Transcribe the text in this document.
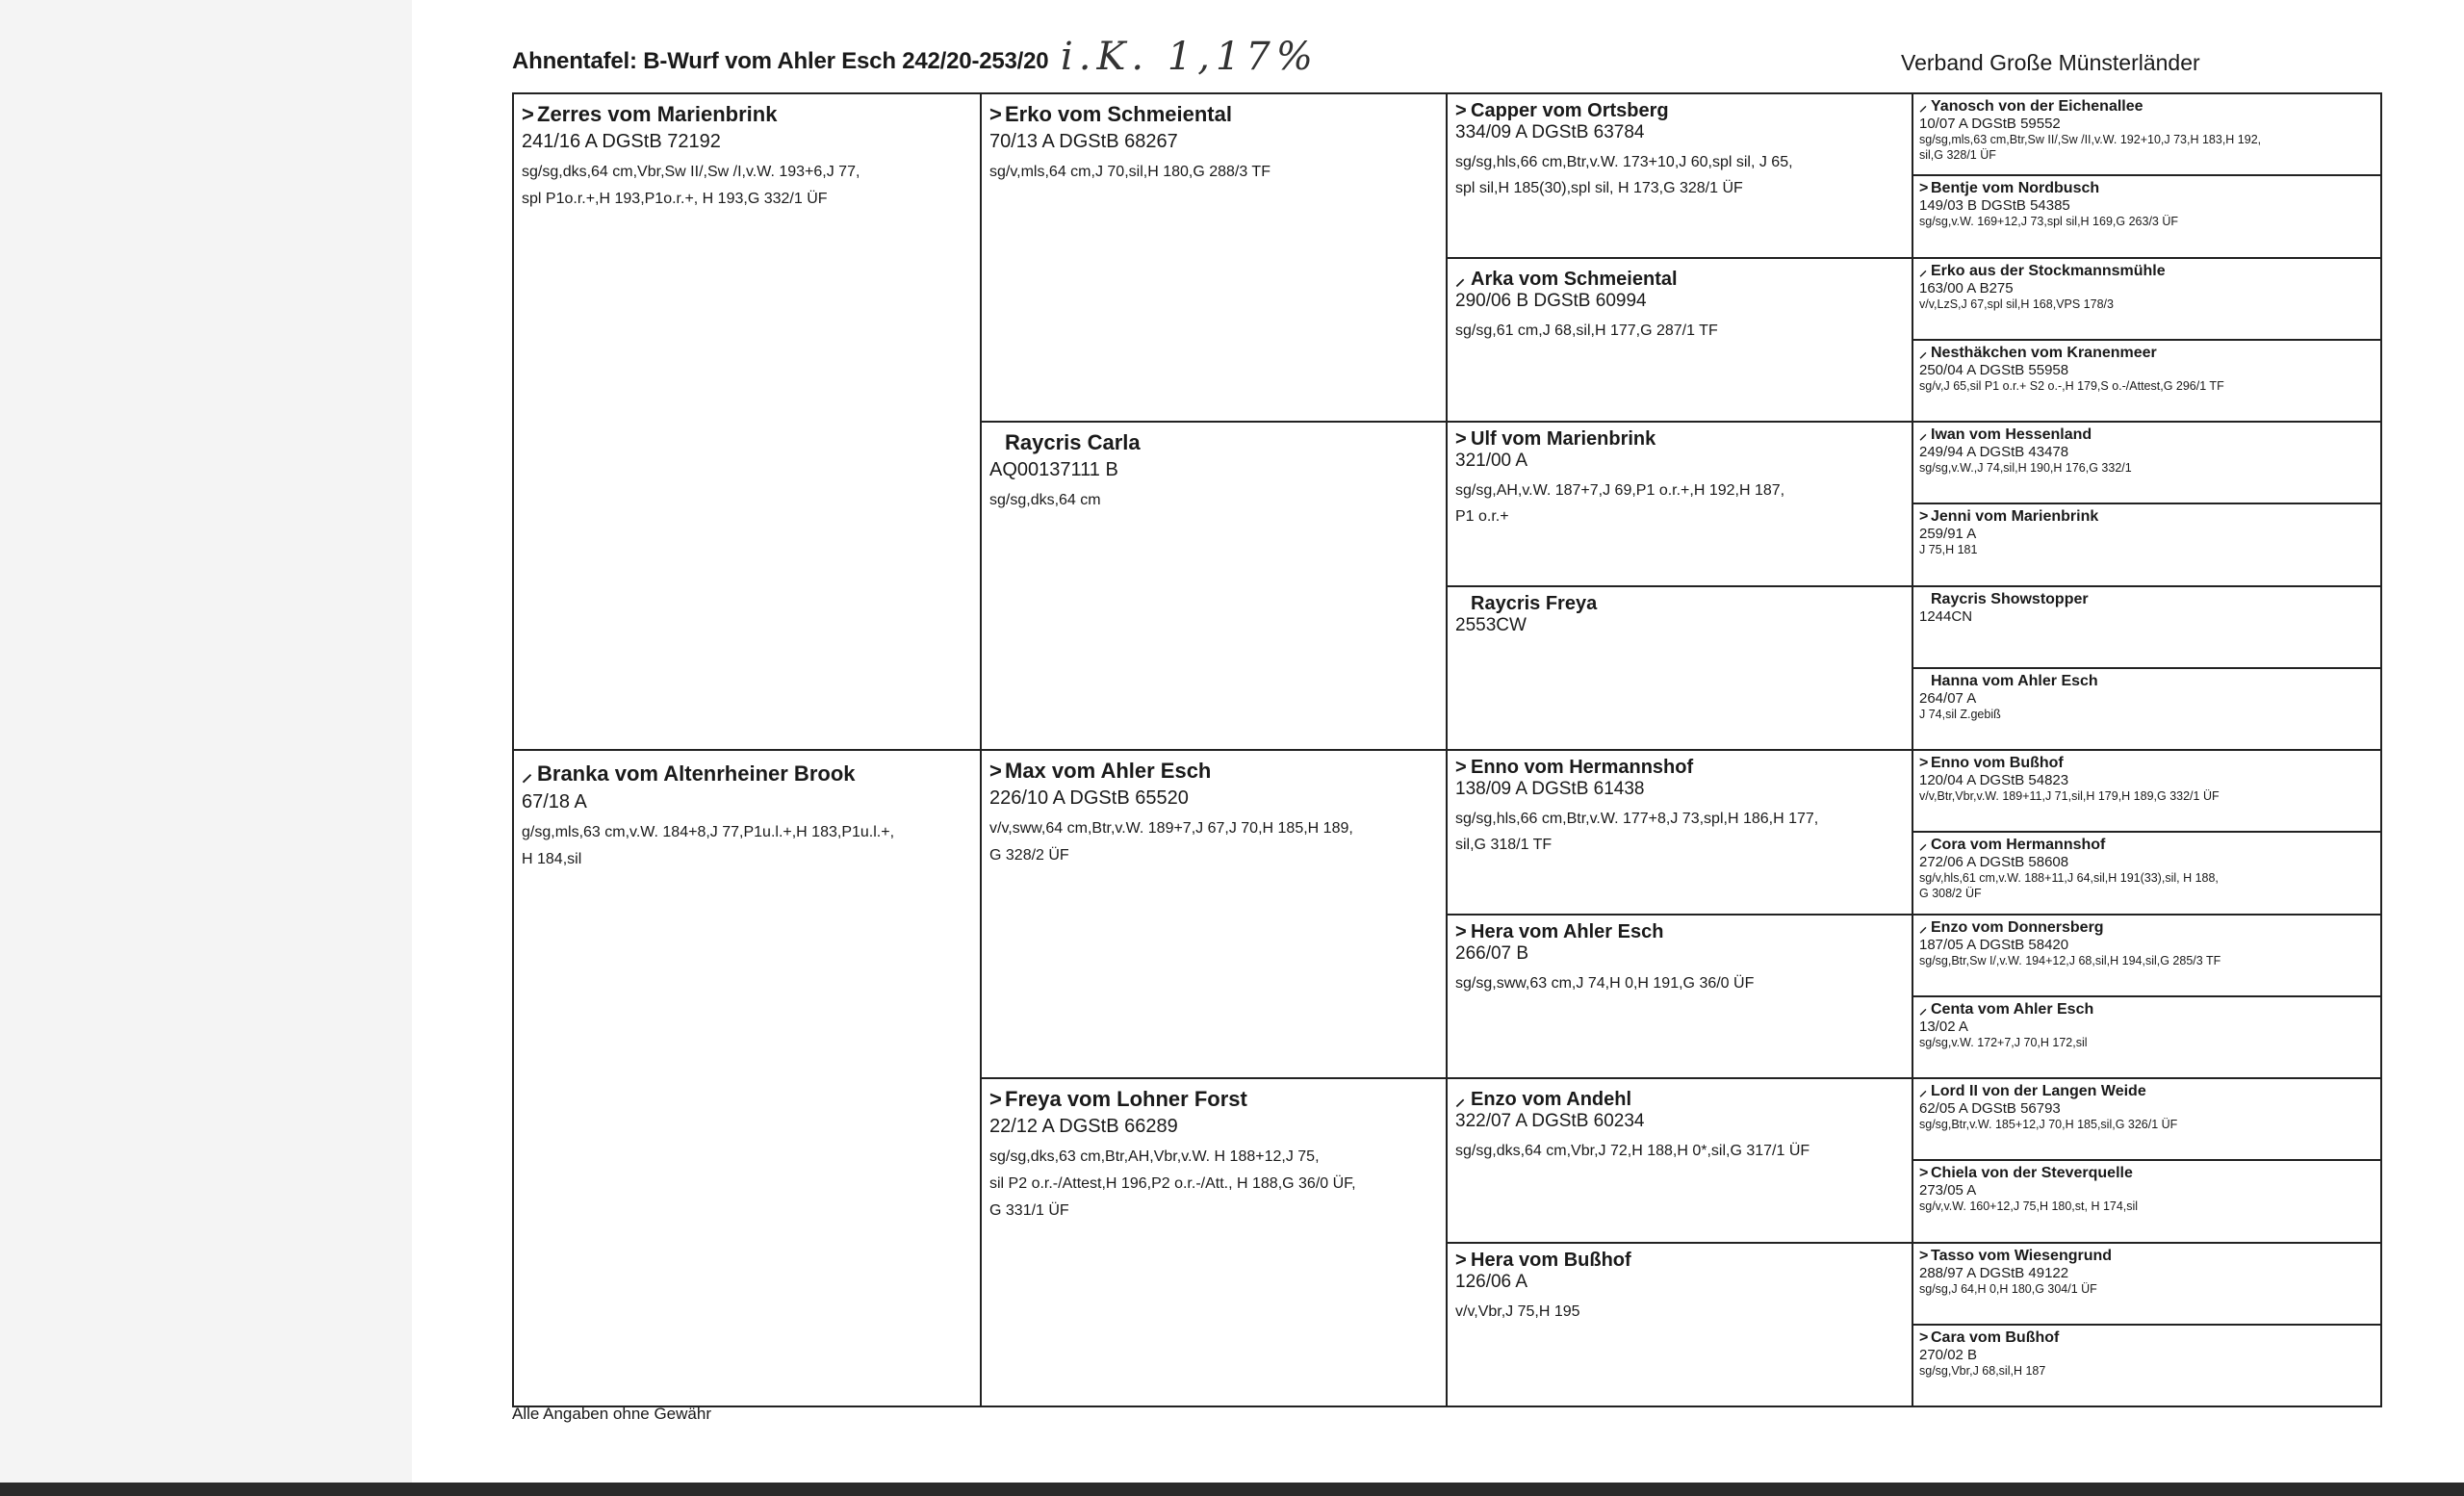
Ahnentafel: B-Wurf vom Ahler Esch 242/20-253/20 i.K. 1,17%	Verband Große Münsterländer
> Zerres vom Marienbrink
241/16 A DGStB 72192
sg/sg,dks,64 cm,Vbr,Sw II/,Sw /I,v.W. 193+6,J 77,
spl P1o.r.+,H 193,P1o.r.+, H 193,G 332/1 ÜF
⸝ Branka vom Altenrheiner Brook
67/18 A
g/sg,mls,63 cm,v.W. 184+8,J 77,P1u.l.+,H 183,P1u.l.+,
H 184,sil
> Erko vom Schmeiental
70/13 A DGStB 68267
sg/v,mls,64 cm,J 70,sil,H 180,G 288/3 TF
Raycris Carla
AQ00137111 B
sg/sg,dks,64 cm
> Max vom Ahler Esch
226/10 A DGStB 65520
v/v,sww,64 cm,Btr,v.W. 189+7,J 67,J 70,H 185,H 189,
G 328/2 ÜF
> Freya vom Lohner Forst
22/12 A DGStB 66289
sg/sg,dks,63 cm,Btr,AH,Vbr,v.W. H 188+12,J 75,
sil P2 o.r.-/Attest,H 196,P2 o.r.-/Att., H 188,G 36/0 ÜF,
G 331/1 ÜF
> Capper vom Ortsberg
334/09 A DGStB 63784
sg/sg,hls,66 cm,Btr,v.W. 173+10,J 60,spl sil, J 65,
spl sil,H 185(30),spl sil, H 173,G 328/1 ÜF
⸝ Arka vom Schmeiental
290/06 B DGStB 60994
sg/sg,61 cm,J 68,sil,H 177,G 287/1 TF
> Ulf vom Marienbrink
321/00 A
sg/sg,AH,v.W. 187+7,J 69,P1 o.r.+,H 192,H 187,
P1 o.r.+
Raycris Freya
2553CW
> Enno vom Hermannshof
138/09 A DGStB 61438
sg/sg,hls,66 cm,Btr,v.W. 177+8,J 73,spl,H 186,H 177,
sil,G 318/1 TF
> Hera vom Ahler Esch
266/07 B
sg/sg,sww,63 cm,J 74,H 0,H 191,G 36/0 ÜF
⸝ Enzo vom Andehl
322/07 A DGStB 60234
sg/sg,dks,64 cm,Vbr,J 72,H 188,H 0*,sil,G 317/1 ÜF
> Hera vom Bußhof
126/06 A
v/v,Vbr,J 75,H 195
⸝ Yanosch von der Eichenallee
10/07 A DGStB 59552
sg/sg,mls,63 cm,Btr,Sw II/,Sw /II,v.W. 192+10,J 73,H 183,H 192,
sil,G 328/1 ÜF
> Bentje vom Nordbusch
149/03 B DGStB 54385
sg/sg,v.W. 169+12,J 73,spl sil,H 169,G 263/3 ÜF
⸝ Erko aus der Stockmannsmühle
163/00 A B275
v/v,LzS,J 67,spl sil,H 168,VPS 178/3
⸝ Nesthäkchen vom Kranenmeer
250/04 A DGStB 55958
sg/v,J 65,sil P1 o.r.+ S2 o.-,H 179,S o.-/Attest,G 296/1 TF
⸝ Iwan vom Hessenland
249/94 A DGStB 43478
sg/sg,v.W.,J 74,sil,H 190,H 176,G 332/1
> Jenni vom Marienbrink
259/91 A
J 75,H 181
Raycris Showstopper
1244CN
Hanna vom Ahler Esch
264/07 A
J 74,sil Z.gebiß
> Enno vom Bußhof
120/04 A DGStB 54823
v/v,Btr,Vbr,v.W. 189+11,J 71,sil,H 179,H 189,G 332/1 ÜF
⸝ Cora vom Hermannshof
272/06 A DGStB 58608
sg/v,hls,61 cm,v.W. 188+11,J 64,sil,H 191(33),sil, H 188,
G 308/2 ÜF
⸝ Enzo vom Donnersberg
187/05 A DGStB 58420
sg/sg,Btr,Sw I/,v.W. 194+12,J 68,sil,H 194,sil,G 285/3 TF
⸝ Centa vom Ahler Esch
13/02 A
sg/sg,v.W. 172+7,J 70,H 172,sil
⸝ Lord II von der Langen Weide
62/05 A DGStB 56793
sg/sg,Btr,v.W. 185+12,J 70,H 185,sil,G 326/1 ÜF
> Chiela von der Steverquelle
273/05 A
sg/v,v.W. 160+12,J 75,H 180,st, H 174,sil
> Tasso vom Wiesengrund
288/97 A DGStB 49122
sg/sg,J 64,H 0,H 180,G 304/1 ÜF
> Cara vom Bußhof
270/02 B
sg/sg,Vbr,J 68,sil,H 187
Alle Angaben ohne Gewähr
